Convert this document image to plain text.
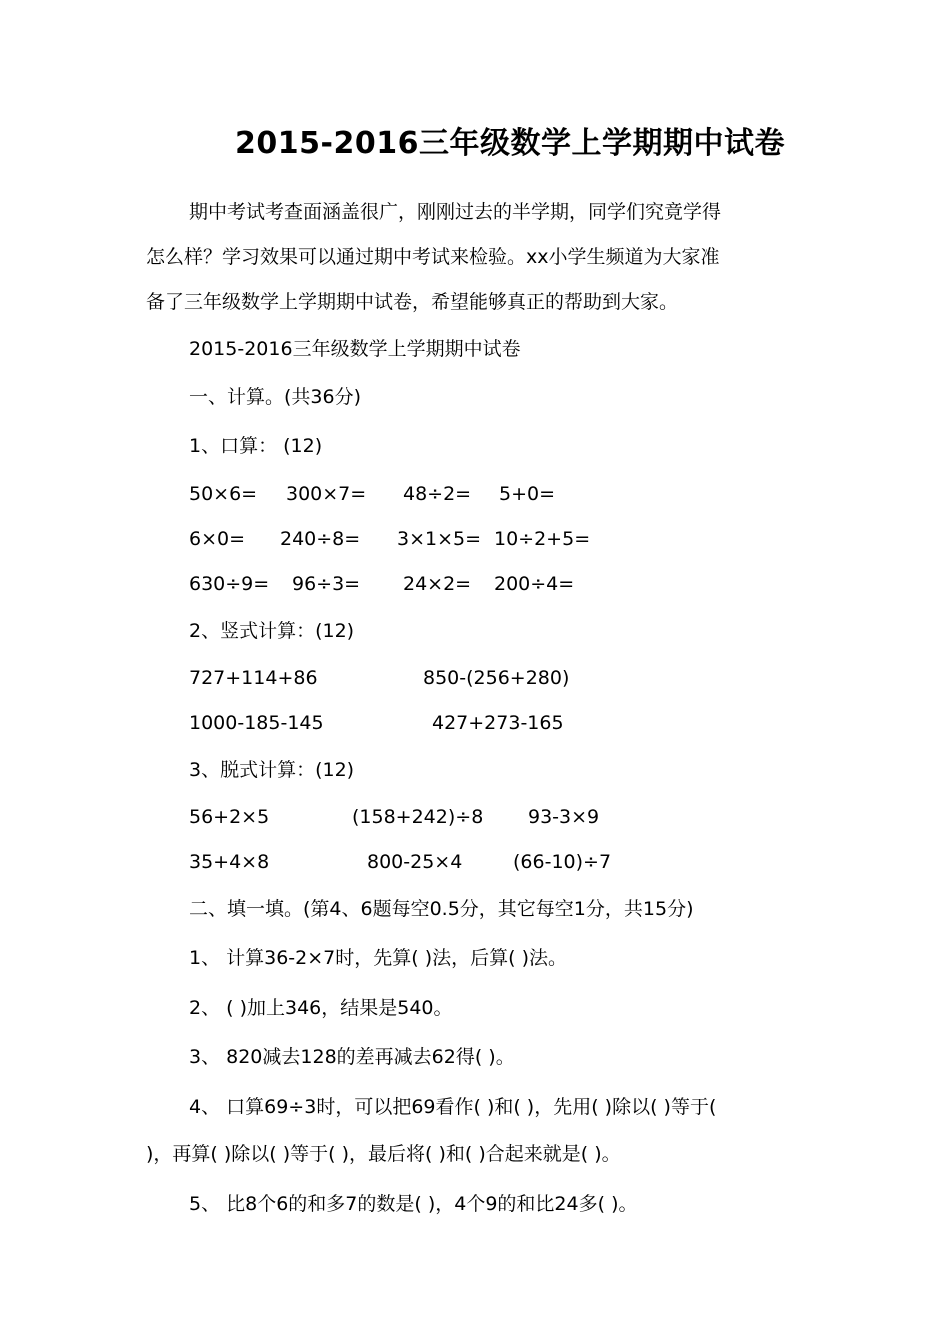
2015-2016三年级数学上学期期中试卷
期中考试考查面涵盖很广，刚刚过去的半学期，同学们究竟学得
怎么样？学习效果可以通过期中考试来检验。xx小学生频道为大家准
备了三年级数学上学期期中试卷，希望能够真正的帮助到大家。
2015-2016三年级数学上学期期中试卷
一、计算。(共36分)
1、口算： (12)
50×6= 300×7= 48÷2= 5+0=
6×0= 240÷8= 3×1×5= 10÷2+5=
630÷9= 96÷3= 24×2= 200÷4=
2、竖式计算：(12)
727+114+86	850-(256+280)
1000-185-145	427+273-165
3、脱式计算：(12)
56+2×5	(158+242)÷8 93-3×9
35+4×8	800-25×4	(66-10)÷7
二、填一填。(第4、6题每空0.5分，其它每空1分，共15分)
1、 计算36-2×7时，先算( )法，后算( )法。
2、 ( )加上346，结果是540。
3、 820减去128的差再减去62得( )。
4、 口算69÷3时，可以把69看作( )和( )，先用( )除以( )等于(
)，再算( )除以( )等于( )，最后将( )和( )合起来就是( )。
5、 比8个6的和多7的数是( )，4个9的和比24多( )。
